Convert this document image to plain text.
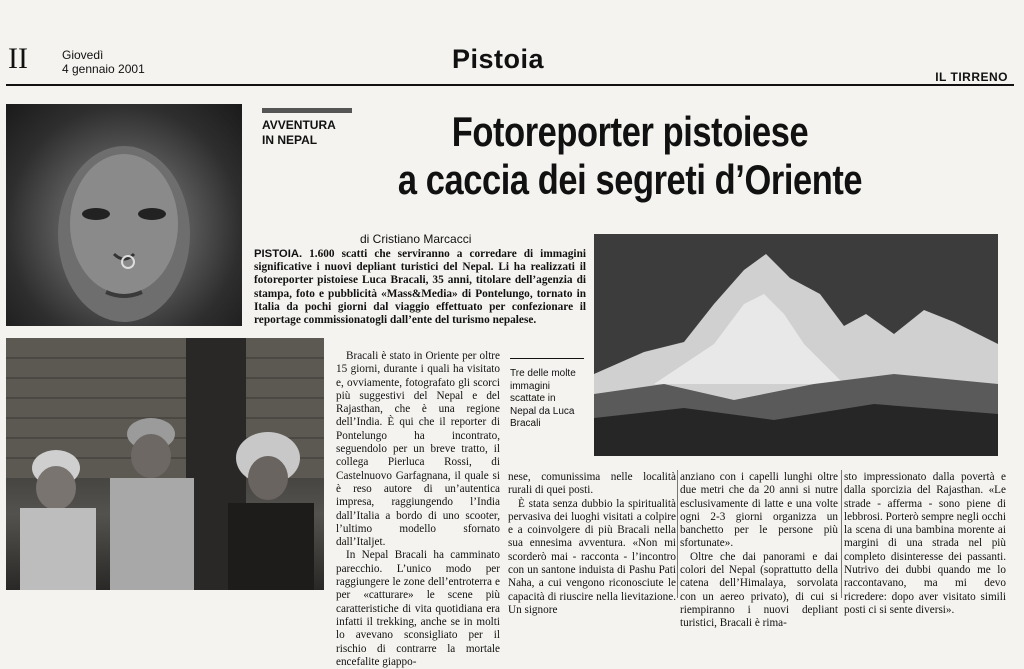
II	Giovedì
4 gennaio 2001	Pistoia
IL TIRRENO
AVVENTURA
IN NEPAL	Fotoreporter pistoiese
a caccia dei segreti d’Oriente
di Cristiano Marcacci
PISTOIA. 1.600 scatti che serviranno a corredare di immagini significative i nuovi depliant turistici del Nepal. Li ha realizzati il fotoreporter pistoiese Luca Bracali, 35 anni, titolare dell’agenzia di stampa, foto e pubblicità «Mass&Media» di Pontelungo, tornato in Italia da pochi giorni dal viaggio effettuato per confezionare il reportage commissionatogli dall’ente del turismo nepalese.

Bracali è stato in Oriente per oltre 15 giorni, durante i quali ha visitato e, ovviamente, fotografato gli scorci più suggestivi del Nepal e del Rajasthan, che è una regione dell’India. È qui che il reporter di Pontelungo ha incontrato, seguendolo per un breve tratto, il collega Pierluca Rossi, di Castelnuovo Garfagnana, il quale si è reso autore di un’autentica impresa, raggiungendo l’India dall’Italia a bordo di uno scooter, l’ultimo modello sfornato dall’Italjet.

In Nepal Bracali ha camminato parecchio. L’unico modo per raggiungere le zone dell’entroterra e per «catturare» le scene più caratteristiche di vita quotidiana era infatti il trekking, anche se in molti lo avevano sconsigliato per il rischio di contrarre la mortale encefalite giappo-

Tre delle molte immagini scattate in Nepal da Luca Bracali

nese, comunissima nelle località rurali di quei posti.

È stata senza dubbio la spiritualità pervasiva dei luoghi visitati a colpire e a coinvolgere di più Bracali nella sua ennesima avventura. «Non mi scorderò mai - racconta - l’incontro con un santone induista di Pashu Pati Naha, a cui vengono riconosciute le capacità di riuscire nella lievitazione. Un signore

anziano con i capelli lunghi oltre due metri che da 20 anni si nutre esclusivamente di latte e una volte ogni 2-3 giorni organizza un banchetto per le persone più sfortunate».

Oltre che dai panorami e dai colori del Nepal (soprattutto della catena dell’Himalaya, sorvolata con un aereo privato), di cui si riempiranno i nuovi depliant turistici, Bracali è rima-

sto impressionato dalla povertà e dalla sporcizia del Rajasthan. «Le strade - afferma - sono piene di lebbrosi. Porterò sempre negli occhi la scena di una bambina morente ai margini di una strada nel più completo disinteresse dei passanti. Nutrivo dei dubbi quando me lo raccontavano, ma mi devo ricredere: dopo aver visitato simili posti ci si sente diversi».
